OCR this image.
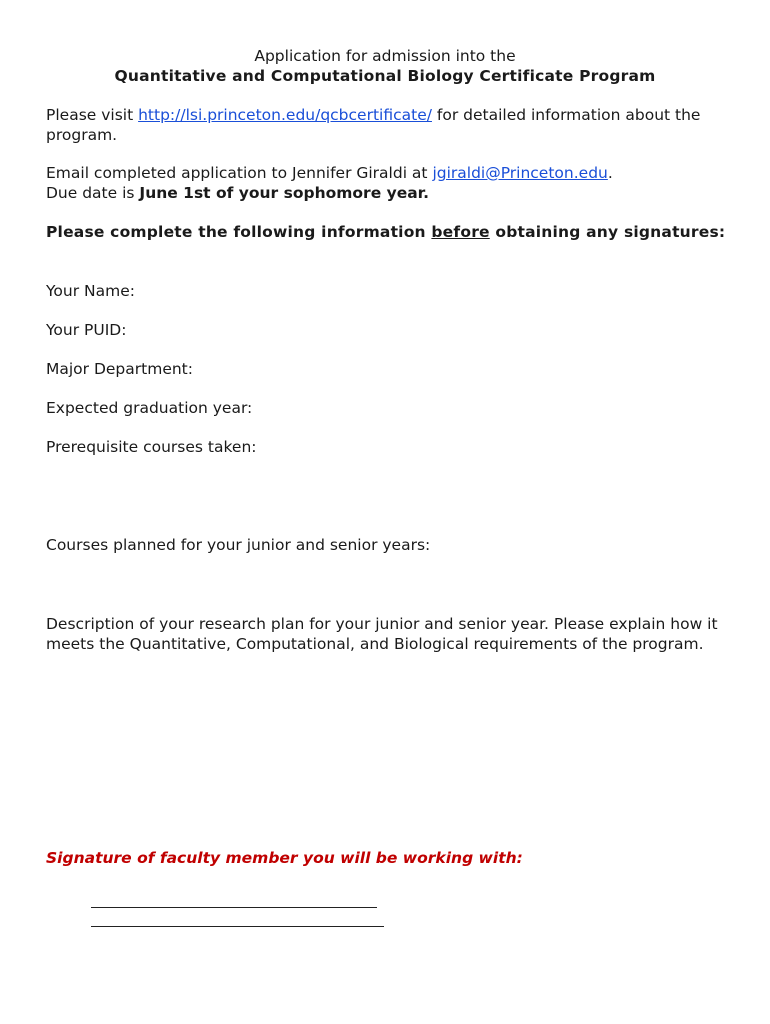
Application for admission into the
Quantitative and Computational Biology Certificate Program
Please visit http://lsi.princeton.edu/qcbcertificate/ for detailed information about the program.
Email completed application to Jennifer Giraldi at jgiraldi@Princeton.edu.
Due date is June 1st of your sophomore year.
Please complete the following information before obtaining any signatures:
Your Name:
Your PUID:
Major Department:
Expected graduation year:
Prerequisite courses taken:
Courses planned for your junior and senior years:
Description of your research plan for your junior and senior year. Please explain how it meets the Quantitative, Computational, and Biological requirements of the program.
Signature of faculty member you will be working with:
